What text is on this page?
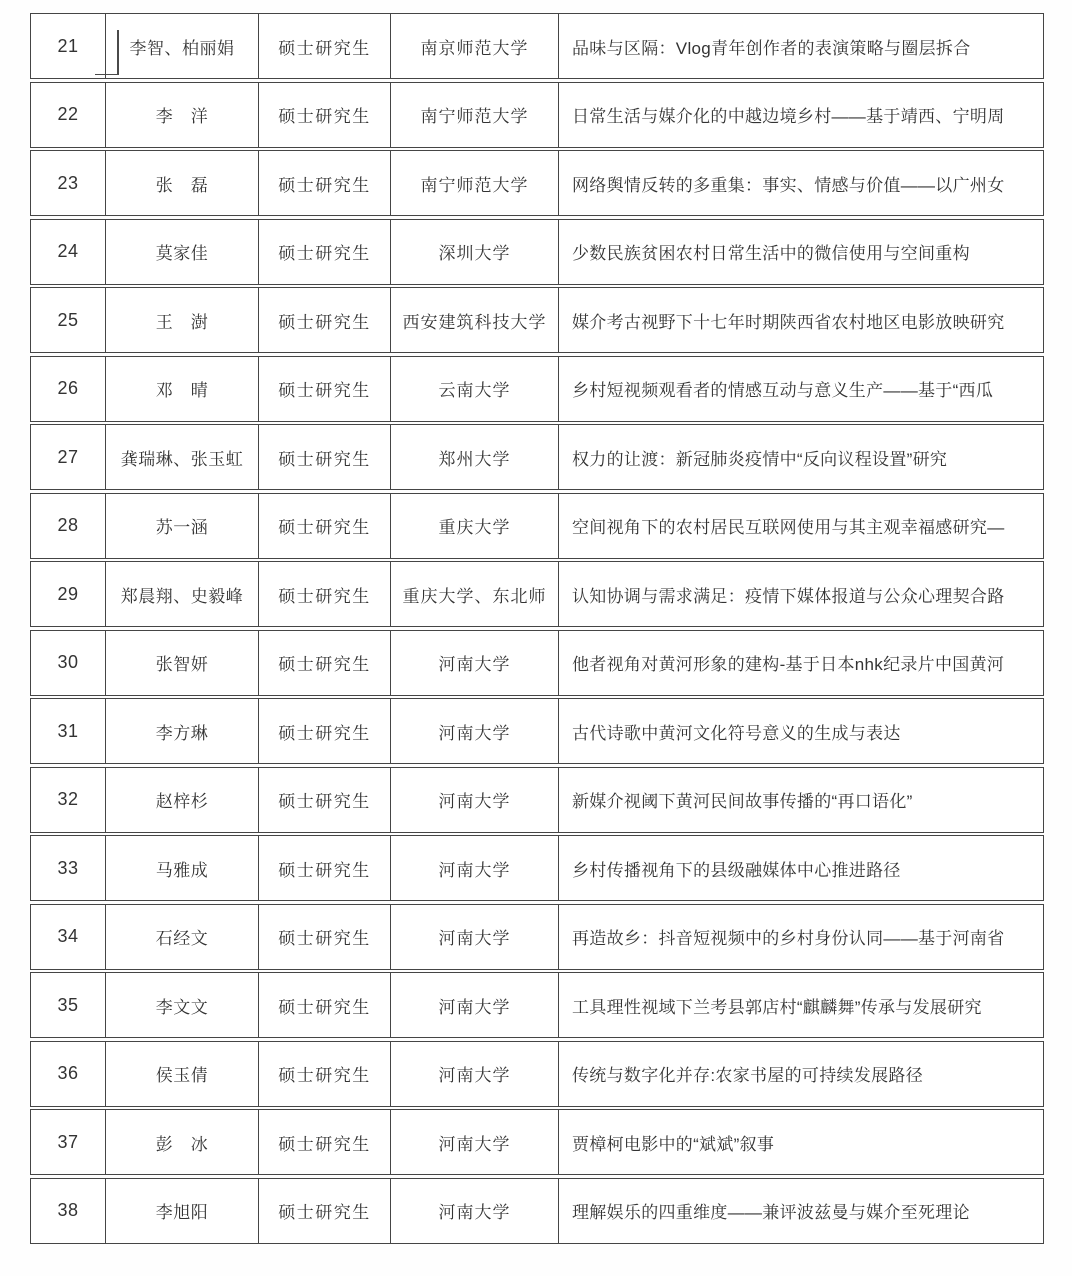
21	李智、柏丽娟	硕士研究生	南京师范大学	品味与区隔：Vlog青年创作者的表演策略与圈层拆合
22	李　洋	硕士研究生	南宁师范大学	日常生活与媒介化的中越边境乡村——基于靖西、宁明周
23	张　磊	硕士研究生	南宁师范大学	网络舆情反转的多重集：事实、情感与价值——以广州女
24	莫家佳	硕士研究生	深圳大学	少数民族贫困农村日常生活中的微信使用与空间重构
25	王　澍	硕士研究生	西安建筑科技大学	媒介考古视野下十七年时期陕西省农村地区电影放映研究
26	邓　晴	硕士研究生	云南大学	乡村短视频观看者的情感互动与意义生产——基于“西瓜
27	龚瑞琳、张玉虹	硕士研究生	郑州大学	权力的让渡：新冠肺炎疫情中“反向议程设置”研究
28	苏一涵	硕士研究生	重庆大学	空间视角下的农村居民互联网使用与其主观幸福感研究—
29	郑晨翔、史毅峰	硕士研究生	重庆大学、东北师	认知协调与需求满足：疫情下媒体报道与公众心理契合路
30	张智妍	硕士研究生	河南大学	他者视角对黄河形象的建构-基于日本nhk纪录片中国黄河
31	李方琳	硕士研究生	河南大学	古代诗歌中黄河文化符号意义的生成与表达
32	赵梓杉	硕士研究生	河南大学	新媒介视阈下黄河民间故事传播的“再口语化”
33	马雅成	硕士研究生	河南大学	乡村传播视角下的县级融媒体中心推进路径
34	石经文	硕士研究生	河南大学	再造故乡：抖音短视频中的乡村身份认同——基于河南省
35	李文文	硕士研究生	河南大学	工具理性视域下兰考县郭店村“麒麟舞”传承与发展研究
36	侯玉倩	硕士研究生	河南大学	传统与数字化并存:农家书屋的可持续发展路径
37	彭　冰	硕士研究生	河南大学	贾樟柯电影中的“斌斌”叙事
38	李旭阳	硕士研究生	河南大学	理解娱乐的四重维度——兼评波兹曼与媒介至死理论
